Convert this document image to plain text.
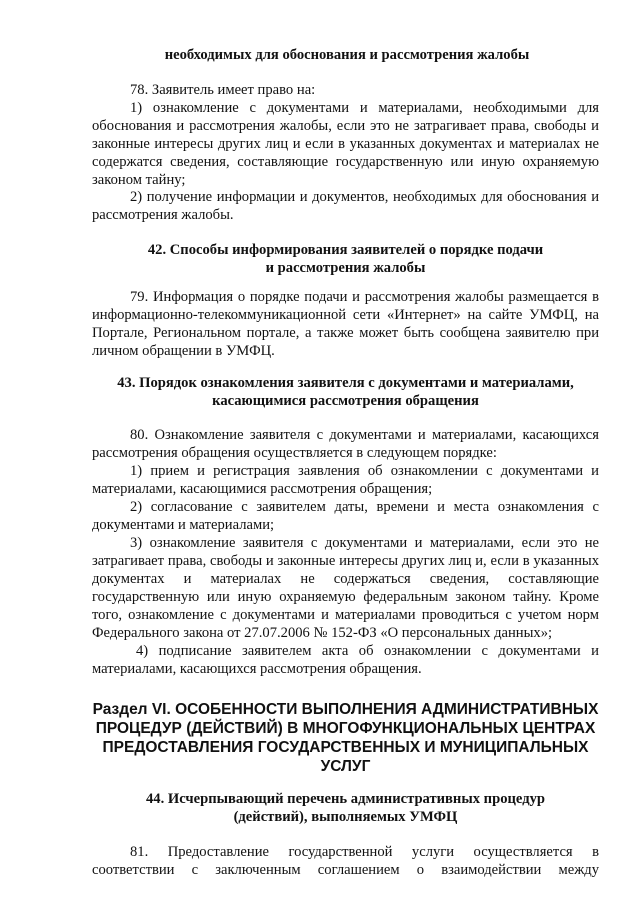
необходимых для обоснования и рассмотрения жалобы
78. Заявитель имеет право на:
1) ознакомление с документами и материалами, необходимыми для обоснования и рассмотрения жалобы, если это не затрагивает права, свободы и законные интересы других лиц и если в указанных документах и материалах не содержатся сведения, составляющие государственную или иную охраняемую законом тайну;
2) получение информации и документов, необходимых для обоснования и рассмотрения жалобы.
42. Способы информирования заявителей о порядке подачи
и рассмотрения жалобы
79. Информация о порядке подачи и рассмотрения жалобы размещается в информационно-телекоммуникационной сети «Интернет» на сайте УМФЦ, на Портале, Региональном портале, а также может быть сообщена заявителю при личном обращении в УМФЦ.
43. Порядок ознакомления заявителя с документами и материалами,
касающимися рассмотрения обращения
80. Ознакомление заявителя с документами и материалами, касающихся рассмотрения обращения осуществляется в следующем порядке:
1) прием и регистрация заявления об ознакомлении с документами и материалами, касающимися рассмотрения обращения;
2) согласование с заявителем даты, времени и места ознакомления с документами и материалами;
3) ознакомление заявителя с документами и материалами, если это не затрагивает права, свободы и законные интересы других лиц и, если в указанных документах и материалах не содержаться сведения, составляющие государственную или иную охраняемую федеральным законом тайну. Кроме того, ознакомление с документами и материалами проводиться с учетом норм Федерального закона от 27.07.2006 № 152-ФЗ «О персональных данных»;
4) подписание заявителем акта об ознакомлении с документами и материалами, касающихся рассмотрения обращения.
Раздел VI. ОСОБЕННОСТИ ВЫПОЛНЕНИЯ АДМИНИСТРАТИВНЫХ
ПРОЦЕДУР (ДЕЙСТВИЙ) В МНОГОФУНКЦИОНАЛЬНЫХ ЦЕНТРАХ
ПРЕДОСТАВЛЕНИЯ ГОСУДАРСТВЕННЫХ И МУНИЦИПАЛЬНЫХ
УСЛУГ
44. Исчерпывающий перечень административных процедур
(действий), выполняемых УМФЦ
81. Предоставление государственной услуги осуществляется в
соответствии с заключенным соглашением о взаимодействии между
